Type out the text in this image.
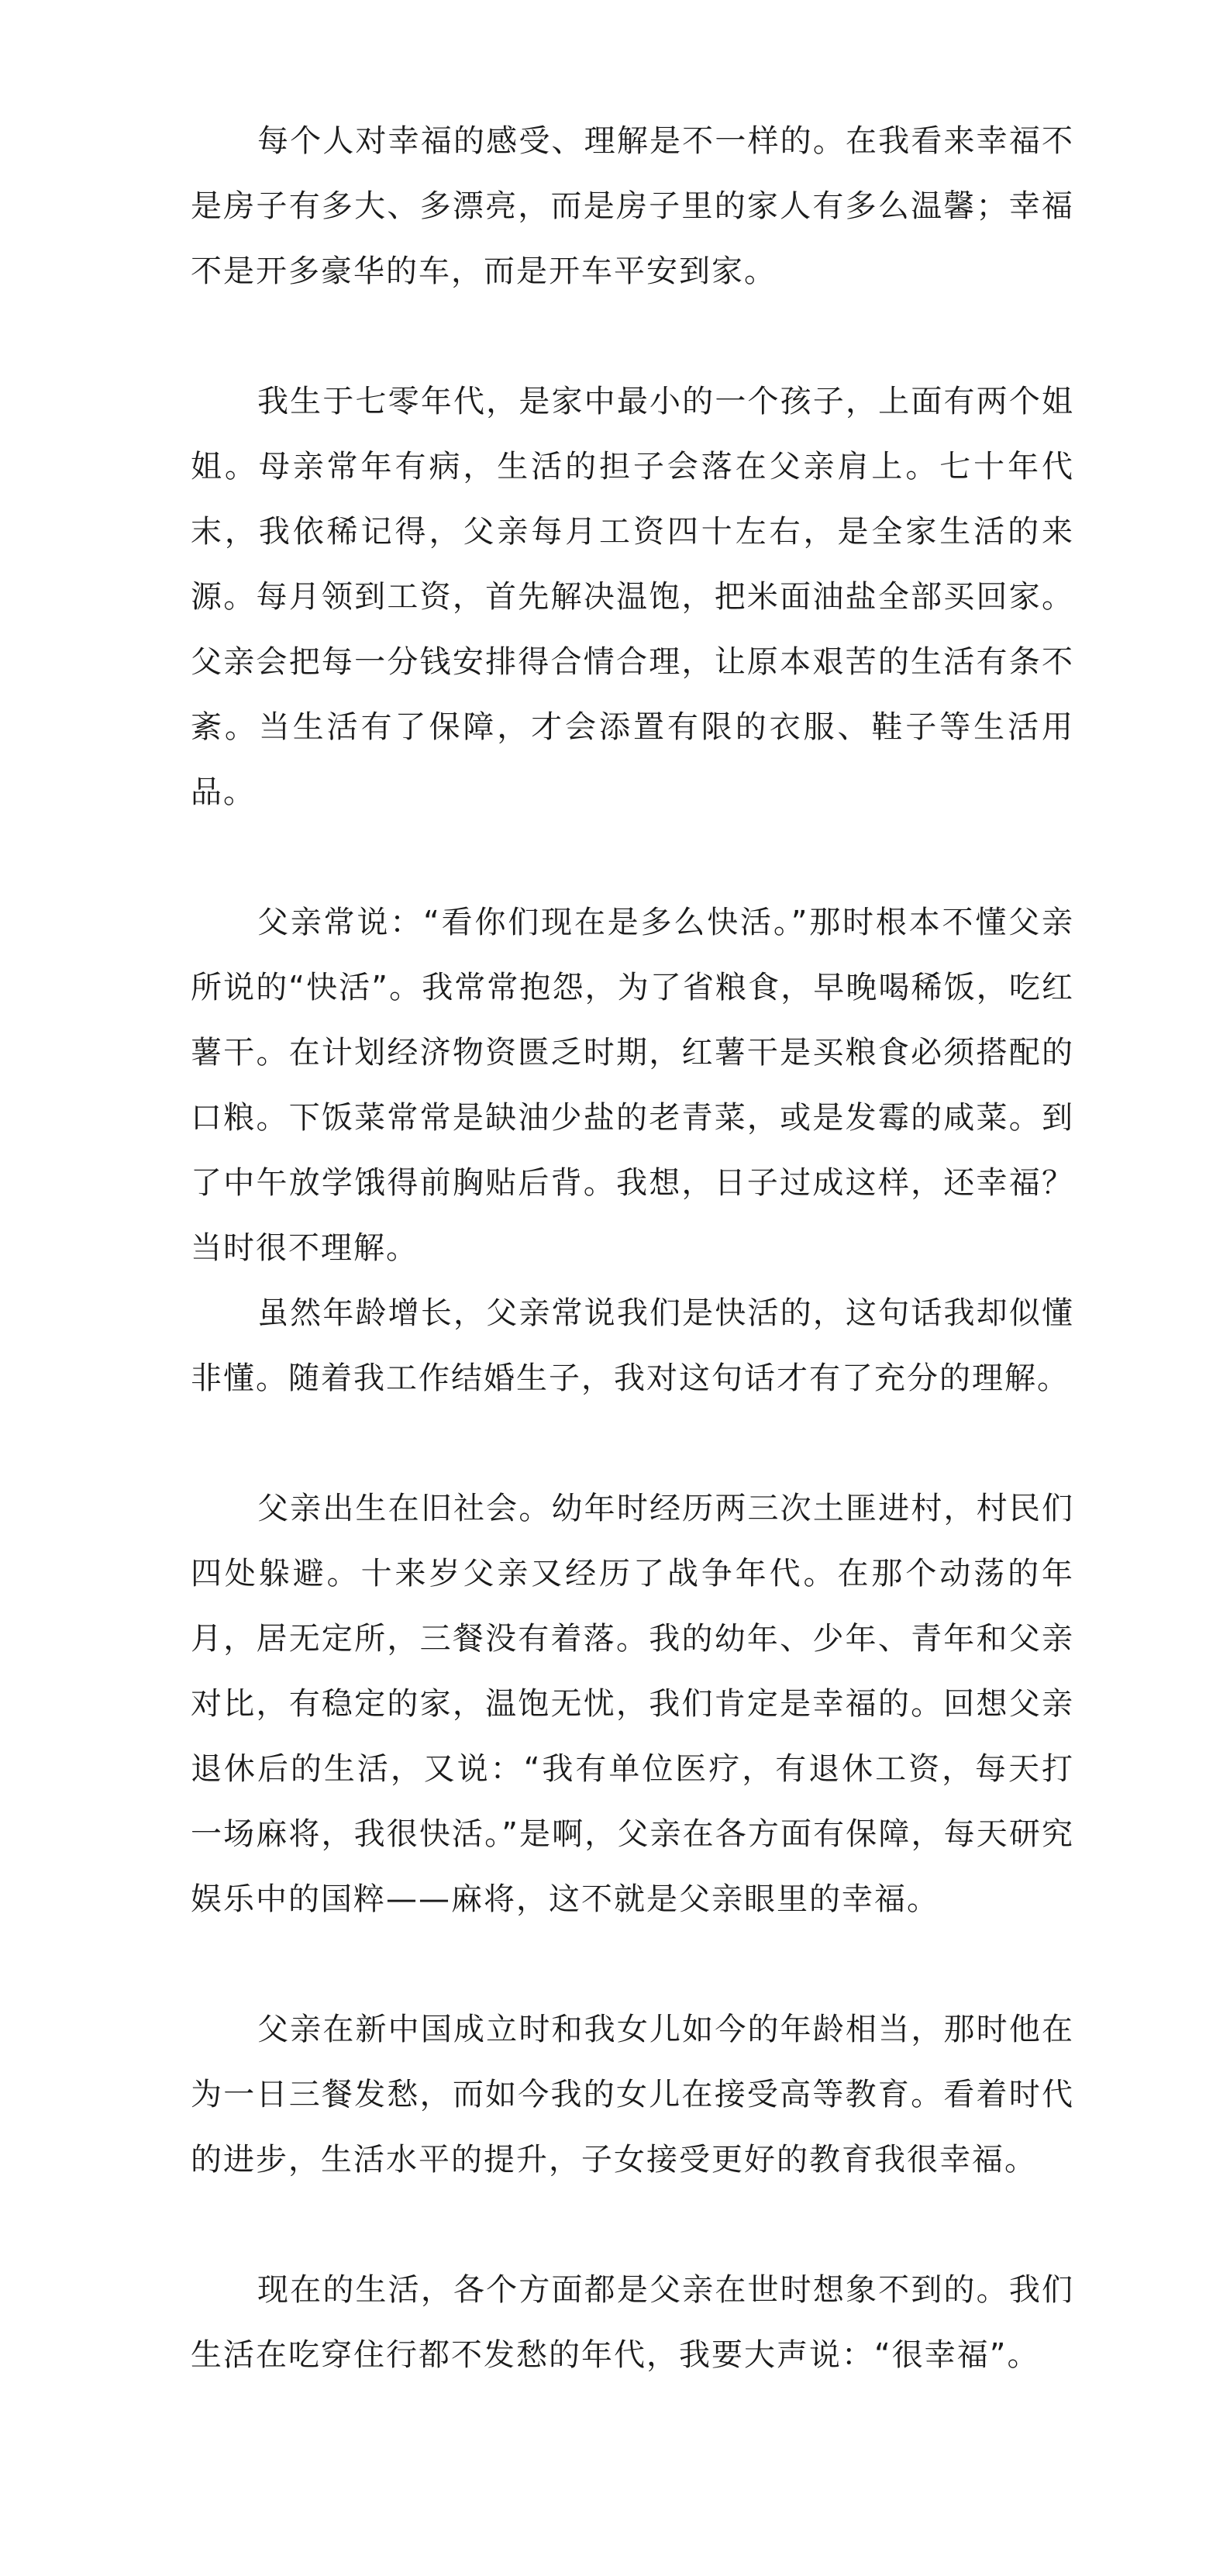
每个人对幸福的感受、理解是不一样的。在我看来幸福不是房子有多大、多漂亮，而是房子里的家人有多么温馨；幸福不是开多豪华的车，而是开车平安到家。

我生于七零年代，是家中最小的一个孩子，上面有两个姐姐。母亲常年有病，生活的担子会落在父亲肩上。七十年代末，我依稀记得，父亲每月工资四十左右，是全家生活的来源。每月领到工资，首先解决温饱，把米面油盐全部买回家。父亲会把每一分钱安排得合情合理，让原本艰苦的生活有条不紊。当生活有了保障，才会添置有限的衣服、鞋子等生活用品。

父亲常说：“看你们现在是多么快活。”那时根本不懂父亲所说的“快活”。我常常抱怨，为了省粮食，早晚喝稀饭，吃红薯干。在计划经济物资匮乏时期，红薯干是买粮食必须搭配的口粮。下饭菜常常是缺油少盐的老青菜，或是发霉的咸菜。到了中午放学饿得前胸贴后背。我想，日子过成这样，还幸福？当时很不理解。

虽然年龄增长，父亲常说我们是快活的，这句话我却似懂非懂。随着我工作结婚生子，我对这句话才有了充分的理解。

父亲出生在旧社会。幼年时经历两三次土匪进村，村民们四处躲避。十来岁父亲又经历了战争年代。在那个动荡的年月，居无定所，三餐没有着落。我的幼年、少年、青年和父亲对比，有稳定的家，温饱无忧，我们肯定是幸福的。回想父亲退休后的生活，又说：“我有单位医疗，有退休工资，每天打一场麻将，我很快活。”是啊，父亲在各方面有保障，每天研究娱乐中的国粹——麻将，这不就是父亲眼里的幸福。

父亲在新中国成立时和我女儿如今的年龄相当，那时他在为一日三餐发愁，而如今我的女儿在接受高等教育。看着时代的进步，生活水平的提升，子女接受更好的教育我很幸福。

现在的生活，各个方面都是父亲在世时想象不到的。我们生活在吃穿住行都不发愁的年代，我要大声说：“很幸福”。
